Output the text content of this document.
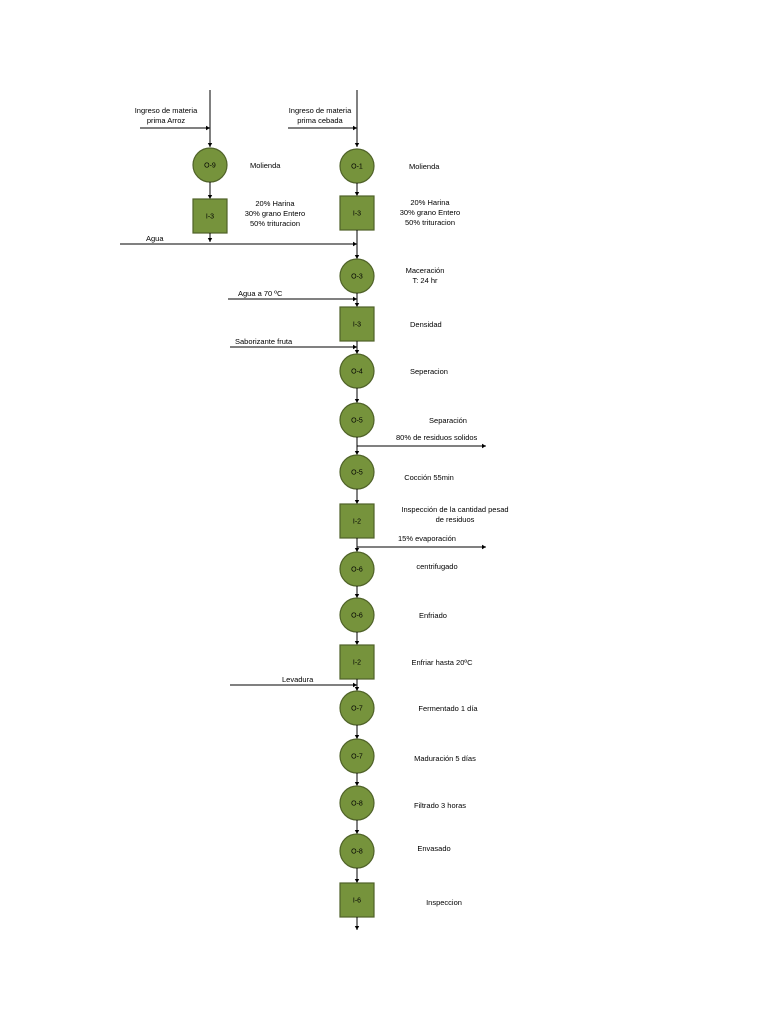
Ingreso de materia
prima Arroz
O-9	Molienda
I-3
20% Harina
30% grano Entero
50% trituracion
Ingreso de materia
prima cebada
O-1	Molienda
I-3
20% Harina
30% grano Entero
50% trituracion
O-3
Maceración
T: 24 hr
I-3	Densidad
O-4	Seperacion
O-5	Separación
O-5	Cocción 55min
I-2
Inspección de la cantidad pesad
de residuos
O-6	centrifugado
O-6	Enfriado
I-2	Enfriar hasta 20ºC
O-7	Fermentado 1 día
O-7	Maduración 5 días
O-8	Filtrado 3 horas
O-8	Envasado
I-6	Inspeccion
Agua
Agua a 70 ºC
Saborizante fruta
Levadura
80% de residuos solidos
15% evaporación
